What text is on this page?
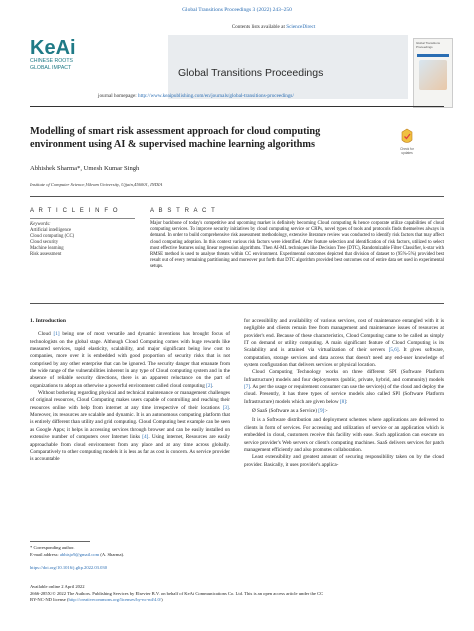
Global Transitions Proceedings 3 (2022) 243–250
KeAi
CHINESE ROOTS
GLOBAL IMPACT	Global Transitions Proceedings
Global Transitions Proceedings
Contents lists available at ScienceDirect
journal homepage: http://www.keaipublishing.com/en/journals/global-transitions-proceedings/
Modelling of smart risk assessment approach for cloud computing
environment using AI & supervised machine learning algorithms	Check for
updates
Abhishek Sharma*, Umesh Kumar Singh
Institute of Computer Science,Vikram University, Ujjain,456001, INDIA
A R T I C L E I N F O
Keywords:
Artificial intelligence
Cloud computing (CC)
Cloud security
Machine learning
Risk assessment
A B S T R A C T
Major backbone of today's competitive and upcoming market is definitely becoming Cloud computing & hence corporate utilize capabilities of cloud computing services. To improve security initiatives by cloud computing service or CRPs, novel types of tools and protocols finds themselves always in demand. In order to build comprehensive risk assessment methodology, extensive literature review was conducted to identify risk factors that may affect cloud computing adoption. In this context various risk factors were identified. After feature selection and identification of risk factors, utilized to select most effective features using linear regression algorithms. Then AI-ML techniques like Decision Tree (DTC), Randomizable Filter Classifier, k-star with RMSE method is used to analyse threats within CC environment. Experimental outcomes depicted that division of dataset to (95%-5%) provided best result out of every remaining partitioning and moreover put forth that DTC algorithm provided best outcomes out of entire data set used in experimental setups.
1. Introduction

Cloud [1] being one of most versatile and dynamic inventions has brought focus of technologists on the global stage. Although Cloud Computing comes with huge rewards like measured services, rapid elasticity, scalability, and major significant being low cost to companies, more over it is embedded with good proportion of security risks that is not comprised by any other enterprise that can be ignored. The security danger that emanate from the wide range of the vulnerabilities inherent in any type of Cloud computing system and in the absence of reliable security directions, there is an apparent reluctance on the part of organizations to adopt an otherwise a powerful environment called cloud computing [2].

Without bothering regarding physical and technical maintenance or management challenges of original resources, Cloud Computing makes users capable of controlling and reaching their resources online with help from internet at any time irrespective of their locations [3]. Moreover, its resources are scalable and dynamic. It is an autonomous computing platform that is entirely different than utility and grid computing. Cloud Computing best example can be seen as Google Apps; it helps in accessing services through browser and can be easily installed on extensive number of computers over Internet links [4]. Using internet, Resources are easily approachable from cloud environment from any place and at any time across globally. Comparatively to other computing models it is less as far as cost is concern. As service provider is accountable

for accessibility and availability of various services, cost of maintenance entangled with it is negligible and clients remain free from management and maintenance issues of resources at provider's end. Because of these characteristics, Cloud Computing came to be called as simply IT on demand or utility computing. A main significant feature of Cloud Computing is its Scalability and is attained via virtualization of their servers [5,6]. It gives software, computation, storage services and data access that doesn't need any end-user knowledge of system configuration that delivers services or physical location.

Cloud Computing Technology works on three different SPI (Software Platform Infrastructure) models and four deployments (public, private, hybrid, and community) models [7]. As per the usage or requirement consumer can use the service(s) of the cloud and deploy the cloud. Presently, it has three types of service models also called SPI (Software Platform Infrastructure) models which are given below [8]:

Ø SaaS (Software as a Service) [9]:-

It is a Software distribution and deployment schemes where applications are delivered to clients in form of services. For accessing and utilization of service or an application which is embedded in cloud, customers receive this facility with ease. Such application can execute on service provider's Web servers or client's computing machines. SaaS delivers services for patch management efficiently and also promotes collaboration.

Least extensibility and greatest amount of securing responsibility taken on by the cloud provider. Basically, it uses provider's applica-

* Corresponding author.
E-mail address: abhisjo9@gmail.com (A. Sharma).
https://doi.org/10.1016/j.gltp.2022.03.030
Available online 2 April 2022
2666-285X/© 2022 The Authors. Publishing Services by Elsevier B.V. on behalf of KeAi Communications Co. Ltd. This is an open access article under the CC
BY-NC-ND license (http://creativecommons.org/licenses/by-nc-nd/4.0/)
